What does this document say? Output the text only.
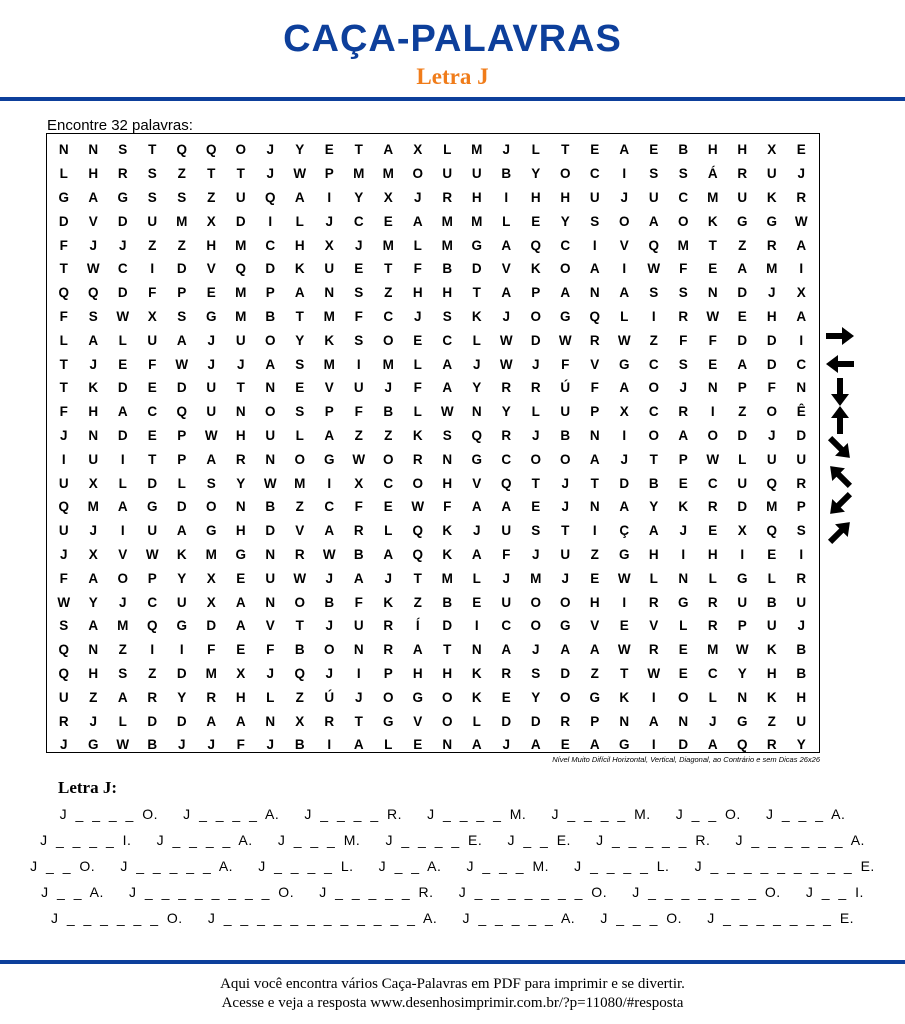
CAÇA-PALAVRAS
Letra J
Encontre 32 palavras:
N	N	S	T	Q	Q	O	J	Y	E	T	A	X	L	M	J	L	T	E	A	E	B	H	H	X	E
L	H	R	S	Z	T	T	J	W	P	M	M	O	U	U	B	Y	O	C	I	S	S	Á	R	U	J
G	A	G	S	S	Z	U	Q	A	I	Y	X	J	R	H	I	H	H	U	J	U	C	M	U	K	R
D	V	D	U	M	X	D	I	L	J	C	E	A	M	M	L	E	Y	S	O	A	O	K	G	G	W
F	J	J	Z	Z	H	M	C	H	X	J	M	L	M	G	A	Q	C	I	V	Q	M	T	Z	R	A
T	W	C	I	D	V	Q	D	K	U	E	T	F	B	D	V	K	O	A	I	W	F	E	A	M	I
Q	Q	D	F	P	E	M	P	A	N	S	Z	H	H	T	A	P	A	N	A	S	S	N	D	J	X
F	S	W	X	S	G	M	B	T	M	F	C	J	S	K	J	O	G	Q	L	I	R	W	E	H	A
L	A	L	U	A	J	U	O	Y	K	S	O	E	C	L	W	D	W	R	W	Z	F	F	D	D	I
T	J	E	F	W	J	J	A	S	M	I	M	L	A	J	W	J	F	V	G	C	S	E	A	D	C
T	K	D	E	D	U	T	N	E	V	U	J	F	A	Y	R	R	Ú	F	A	O	J	N	P	F	N
F	H	A	C	Q	U	N	O	S	P	F	B	L	W	N	Y	L	U	P	X	C	R	I	Z	O	Ê
J	N	D	E	P	W	H	U	L	A	Z	Z	K	S	Q	R	J	B	N	I	O	A	O	D	J	D
I	U	I	T	P	A	R	N	O	G	W	O	R	N	G	C	O	O	A	J	T	P	W	L	U	U
U	X	L	D	L	S	Y	W	M	I	X	C	O	H	V	Q	T	J	T	D	B	E	C	U	Q	R
Q	M	A	G	D	O	N	B	Z	C	F	E	W	F	A	A	E	J	N	A	Y	K	R	D	M	P
U	J	I	U	A	G	H	D	V	A	R	L	Q	K	J	U	S	T	I	Ç	A	J	E	X	Q	S
J	X	V	W	K	M	G	N	R	W	B	A	Q	K	A	F	J	U	Z	G	H	I	H	I	E	I
F	A	O	P	Y	X	E	U	W	J	A	J	T	M	L	J	M	J	E	W	L	N	L	G	L	R
W	Y	J	C	U	X	A	N	O	B	F	K	Z	B	E	U	O	O	H	I	R	G	R	U	B	U
S	A	M	Q	G	D	A	V	T	J	U	R	Í	D	I	C	O	G	V	E	V	L	R	P	U	J
Q	N	Z	I	I	F	E	F	B	O	N	R	A	T	N	A	J	A	A	W	R	E	M	W	K	B
Q	H	S	Z	D	M	X	J	Q	J	I	P	H	H	K	R	S	D	Z	T	W	E	C	Y	H	B
U	Z	A	R	Y	R	H	L	Z	Ú	J	O	G	O	K	E	Y	O	G	K	I	O	L	N	K	H
R	J	L	D	D	A	A	N	X	R	T	G	V	O	L	D	D	R	P	N	A	N	J	G	Z	U
J	G	W	B	J	J	F	J	B	I	A	L	E	N	A	J	A	E	A	G	I	D	A	Q	R	Y
Nível Muito Difícil Horizontal, Vertical, Diagonal, ao Contrário e sem Dicas 26x26
Letra J:
J _ _ _ _ O.   J _ _ _ _ A.   J _ _ _ _ R.   J _ _ _ _ M.   J _ _ _ _ M.   J _ _ O.   J _ _ _ A.
J _ _ _ _ I.   J _ _ _ _ A.   J _ _ _ M.   J _ _ _ _ E.   J _ _ E.   J _ _ _ _ _ R.   J _ _ _ _ _ _ A.
J _ _ O.   J _ _ _ _ _ A.   J _ _ _ _ L.   J _ _ A.   J _ _ _ M.   J _ _ _ _ L.   J _ _ _ _ _ _ _ _ _ E.
J _ _ A.   J _ _ _ _ _ _ _ _ O.   J _ _ _ _ _ R.   J _ _ _ _ _ _ _ O.   J _ _ _ _ _ _ _ O.   J _ _ I.
J _ _ _ _ _ _ O.   J _ _ _ _ _ _ _ _ _ _ _ _ A.   J _ _ _ _ _ A.   J _ _ _ O.   J _ _ _ _ _ _ _ E.
Aqui você encontra vários Caça-Palavras em PDF para imprimir e se divertir.
Acesse e veja a resposta www.desenhosimprimir.com.br/?p=11080/#resposta
